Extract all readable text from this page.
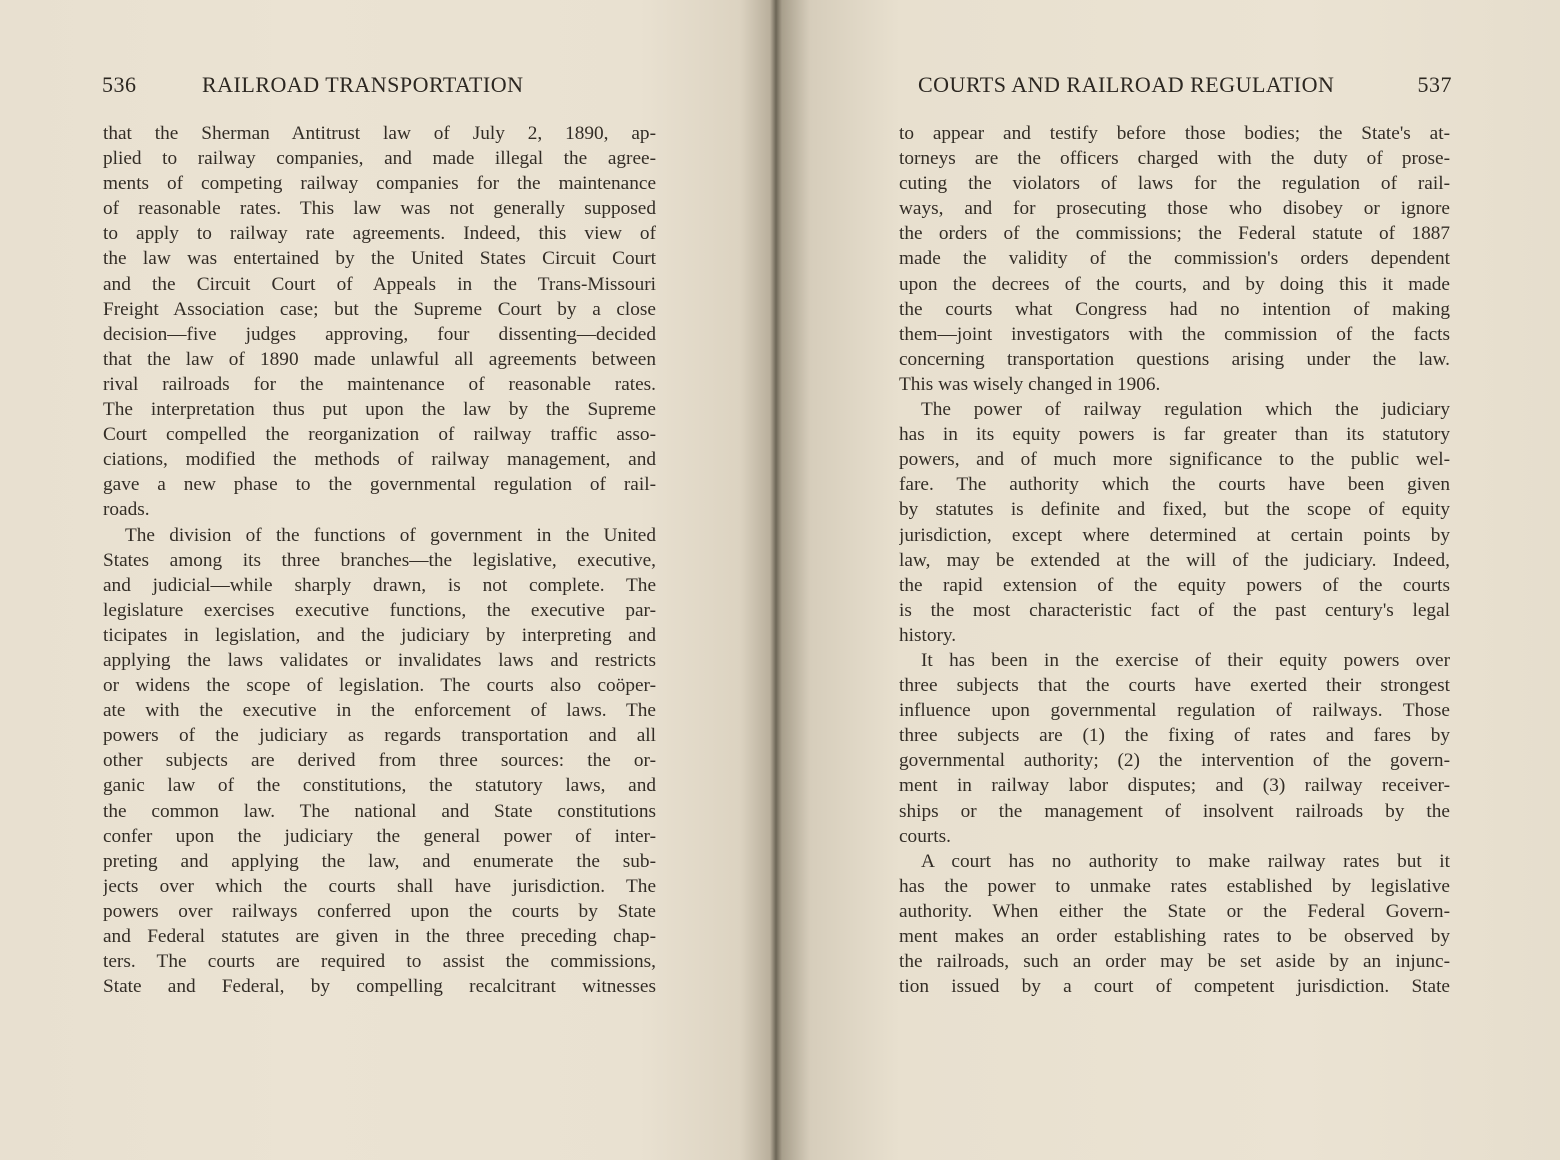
536	RAILROAD TRANSPORTATION
that the Sherman Antitrust law of July 2, 1890, ap-
plied to railway companies, and made illegal the agree-
ments of competing railway companies for the maintenance
of reasonable rates. This law was not generally supposed
to apply to railway rate agreements. Indeed, this view of
the law was entertained by the United States Circuit Court
and the Circuit Court of Appeals in the Trans-Missouri
Freight Association case; but the Supreme Court by a close
decision—five judges approving, four dissenting—decided
that the law of 1890 made unlawful all agreements between
rival railroads for the maintenance of reasonable rates.
The interpretation thus put upon the law by the Supreme
Court compelled the reorganization of railway traffic asso-
ciations, modified the methods of railway management, and
gave a new phase to the governmental regulation of rail-
roads.
The division of the functions of government in the United
States among its three branches—the legislative, executive,
and judicial—while sharply drawn, is not complete. The
legislature exercises executive functions, the executive par-
ticipates in legislation, and the judiciary by interpreting and
applying the laws validates or invalidates laws and restricts
or widens the scope of legislation. The courts also coöper-
ate with the executive in the enforcement of laws. The
powers of the judiciary as regards transportation and all
other subjects are derived from three sources: the or-
ganic law of the constitutions, the statutory laws, and
the common law. The national and State constitutions
confer upon the judiciary the general power of inter-
preting and applying the law, and enumerate the sub-
jects over which the courts shall have jurisdiction. The
powers over railways conferred upon the courts by State
and Federal statutes are given in the three preceding chap-
ters. The courts are required to assist the commissions,
State and Federal, by compelling recalcitrant witnesses
COURTS AND RAILROAD REGULATION	537
to appear and testify before those bodies; the State's at-
torneys are the officers charged with the duty of prose-
cuting the violators of laws for the regulation of rail-
ways, and for prosecuting those who disobey or ignore
the orders of the commissions; the Federal statute of 1887
made the validity of the commission's orders dependent
upon the decrees of the courts, and by doing this it made
the courts what Congress had no intention of making
them—joint investigators with the commission of the facts
concerning transportation questions arising under the law.
This was wisely changed in 1906.
The power of railway regulation which the judiciary
has in its equity powers is far greater than its statutory
powers, and of much more significance to the public wel-
fare. The authority which the courts have been given
by statutes is definite and fixed, but the scope of equity
jurisdiction, except where determined at certain points by
law, may be extended at the will of the judiciary. Indeed,
the rapid extension of the equity powers of the courts
is the most characteristic fact of the past century's legal
history.
It has been in the exercise of their equity powers over
three subjects that the courts have exerted their strongest
influence upon governmental regulation of railways. Those
three subjects are (1) the fixing of rates and fares by
governmental authority; (2) the intervention of the govern-
ment in railway labor disputes; and (3) railway receiver-
ships or the management of insolvent railroads by the
courts.
A court has no authority to make railway rates but it
has the power to unmake rates established by legislative
authority. When either the State or the Federal Govern-
ment makes an order establishing rates to be observed by
the railroads, such an order may be set aside by an injunc-
tion issued by a court of competent jurisdiction. State
